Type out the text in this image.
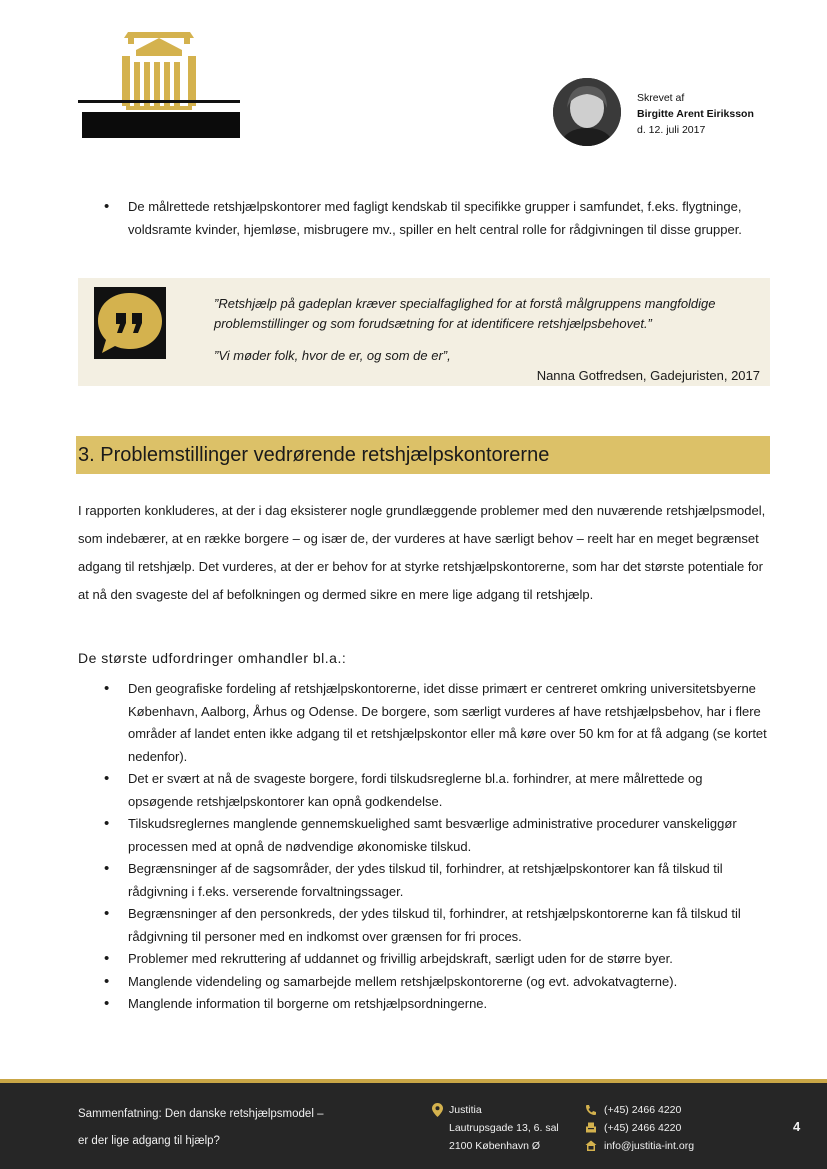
Skrevet af
Birgitte Arent Eiriksson
d. 12. juli 2017
• De målrettede retshjælpskontorer med fagligt kendskab til specifikke grupper i samfundet, f.eks. flygtninge, voldsramte kvinder, hjemløse, misbrugere mv., spiller en helt central rolle for rådgivningen til disse grupper.
”Retshjælp på gadeplan kræver specialfaglighed for at forstå målgruppens mangfoldige problemstillinger og som forudsætning for at identificere retshjælpsbehovet.”
”Vi møder folk, hvor de er, og som de er”,
Nanna Gotfredsen, Gadejuristen, 2017
3. Problemstillinger vedrørende retshjælpskontorerne

I rapporten konkluderes, at der i dag eksisterer nogle grundlæggende problemer med den nuværende retshjælpsmodel, som indebærer, at en række borgere – og især de, der vurderes at have særligt behov – reelt har en meget begrænset adgang til retshjælp. Det vurderes, at der er behov for at styrke retshjælpskontorerne, som har det største potentiale for at nå den svageste del af befolkningen og dermed sikre en mere lige adgang til retshjælp.

De største udfordringer omhandler bl.a.:
• Den geografiske fordeling af retshjælpskontorerne, idet disse primært er centreret omkring universitetsbyerne København, Aalborg, Århus og Odense. De borgere, som særligt vurderes af have retshjælpsbehov, har i flere områder af landet enten ikke adgang til et retshjælpskontor eller må køre over 50 km for at få adgang (se kortet nedenfor).
• Det er svært at nå de svageste borgere, fordi tilskudsreglerne bl.a. forhindrer, at mere målrettede og opsøgende retshjælpskontorer kan opnå godkendelse.
• Tilskudsreglernes manglende gennemskuelighed samt besværlige administrative procedurer vanskeliggør processen med at opnå de nødvendige økonomiske tilskud.
• Begrænsninger af de sagsområder, der ydes tilskud til, forhindrer, at retshjælpskontorer kan få tilskud til rådgivning i f.eks. verserende forvaltningssager.
• Begrænsninger af den personkreds, der ydes tilskud til, forhindrer, at retshjælpskontorerne kan få tilskud til rådgivning til personer med en indkomst over grænsen for fri proces.
• Problemer med rekruttering af uddannet og frivillig arbejdskraft, særligt uden for de større byer.
• Manglende videndeling og samarbejde mellem retshjælpskontorerne (og evt. advokatvagterne).
• Manglende information til borgerne om retshjælpsordningerne.
Sammenfatning: Den danske retshjælpsmodel –
er der lige adgang til hjælp?
Justitia
Lautrupsgade 13, 6. sal
2100 København Ø
(+45) 2466 4220
(+45) 2466 4220
info@justitia-int.org
4
